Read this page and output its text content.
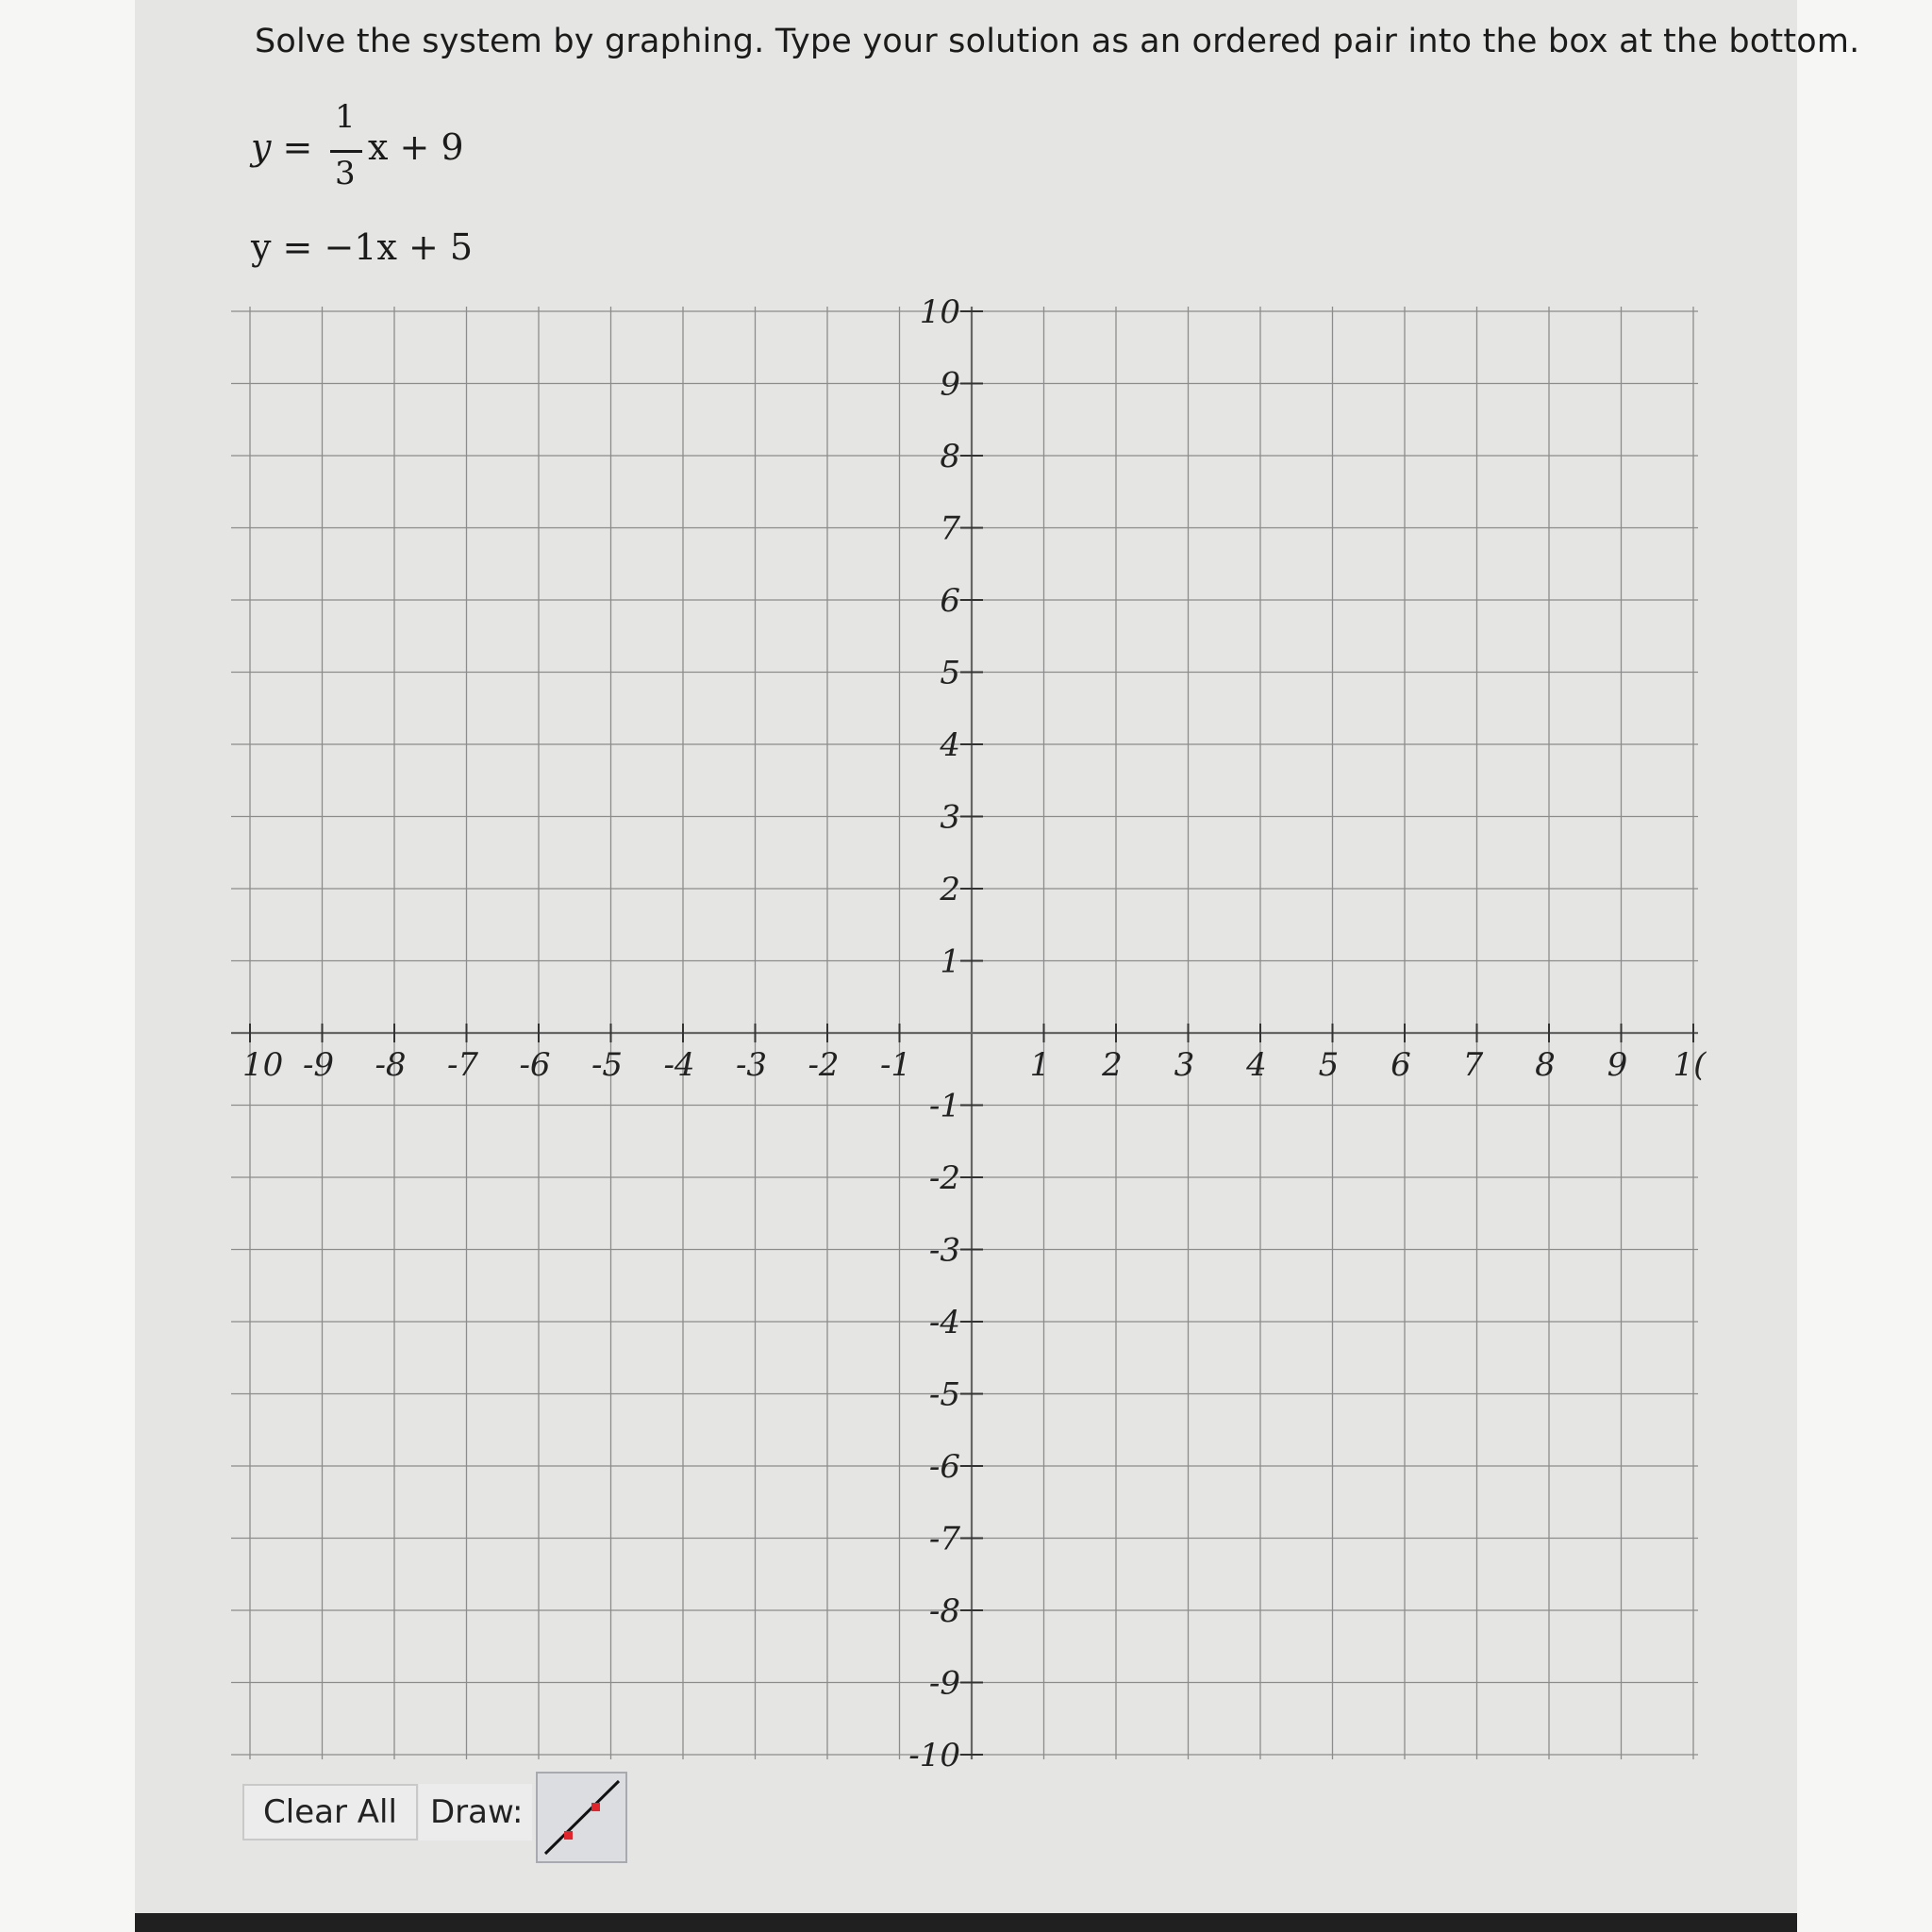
Solve the system by graphing. Type your solution as an ordered pair into the box at the bottom.
y =
1
3
x + 9
y = −1x + 5
10
9
8
7
6
5
4
3
2
1
-1
-2
-3
-4
-5
-6
-7
-8
-9
-10
10 -9 -8 -7 -6 -5 -4 -3 -2 -1	1 2 3 4 5 6 7 8 9 1(
Clear All	Draw:
